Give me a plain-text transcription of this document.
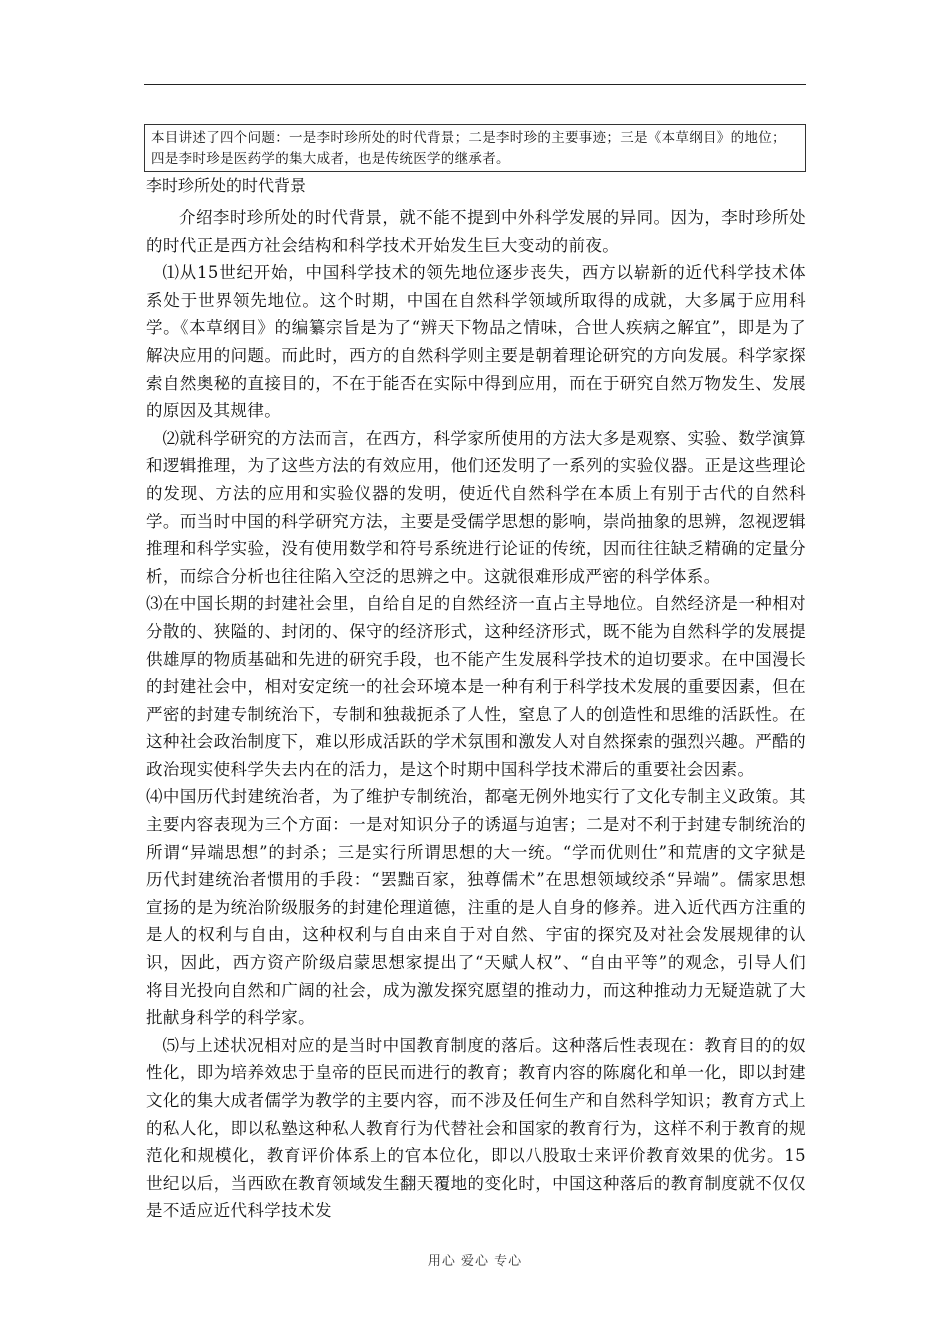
本目讲述了四个问题：一是李时珍所处的时代背景；二是李时珍的主要事迹；三是《本草纲目》的地位；四是李时珍是医药学的集大成者，也是传统医学的继承者。
李时珍所处的时代背景

介绍李时珍所处的时代背景，就不能不提到中外科学发展的异同。因为，李时珍所处的时代正是西方社会结构和科学技术开始发生巨大变动的前夜。

⑴从15世纪开始，中国科学技术的领先地位逐步丧失，西方以崭新的近代科学技术体系处于世界领先地位。这个时期，中国在自然科学领域所取得的成就，大多属于应用科学。《本草纲目》的编纂宗旨是为了“辨天下物品之情味，合世人疾病之解宜”，即是为了解决应用的问题。而此时，西方的自然科学则主要是朝着理论研究的方向发展。科学家探索自然奥秘的直接目的，不在于能否在实际中得到应用，而在于研究自然万物发生、发展的原因及其规律。

⑵就科学研究的方法而言，在西方，科学家所使用的方法大多是观察、实验、数学演算和逻辑推理，为了这些方法的有效应用，他们还发明了一系列的实验仪器。正是这些理论的发现、方法的应用和实验仪器的发明，使近代自然科学在本质上有别于古代的自然科学。而当时中国的科学研究方法，主要是受儒学思想的影响，崇尚抽象的思辨，忽视逻辑推理和科学实验，没有使用数学和符号系统进行论证的传统，因而往往缺乏精确的定量分析，而综合分析也往往陷入空泛的思辨之中。这就很难形成严密的科学体系。

⑶在中国长期的封建社会里，自给自足的自然经济一直占主导地位。自然经济是一种相对分散的、狭隘的、封闭的、保守的经济形式，这种经济形式，既不能为自然科学的发展提供雄厚的物质基础和先进的研究手段，也不能产生发展科学技术的迫切要求。在中国漫长的封建社会中，相对安定统一的社会环境本是一种有利于科学技术发展的重要因素，但在严密的封建专制统治下，专制和独裁扼杀了人性，窒息了人的创造性和思维的活跃性。在这种社会政治制度下，难以形成活跃的学术氛围和激发人对自然探索的强烈兴趣。严酷的政治现实使科学失去内在的活力，是这个时期中国科学技术滞后的重要社会因素。

⑷中国历代封建统治者，为了维护专制统治，都毫无例外地实行了文化专制主义政策。其主要内容表现为三个方面：一是对知识分子的诱逼与迫害；二是对不利于封建专制统治的所谓“异端思想”的封杀；三是实行所谓思想的大一统。“学而优则仕”和荒唐的文字狱是历代封建统治者惯用的手段：“罢黜百家，独尊儒术”在思想领域绞杀“异端”。儒家思想宣扬的是为统治阶级服务的封建伦理道德，注重的是人自身的修养。进入近代西方注重的是人的权利与自由，这种权利与自由来自于对自然、宇宙的探究及对社会发展规律的认识，因此，西方资产阶级启蒙思想家提出了“天赋人权”、“自由平等”的观念，引导人们将目光投向自然和广阔的社会，成为激发探究愿望的推动力，而这种推动力无疑造就了大批献身科学的科学家。

⑸与上述状况相对应的是当时中国教育制度的落后。这种落后性表现在：教育目的的奴性化，即为培养效忠于皇帝的臣民而进行的教育；教育内容的陈腐化和单一化，即以封建文化的集大成者儒学为教学的主要内容，而不涉及任何生产和自然科学知识；教育方式上的私人化，即以私塾这种私人教育行为代替社会和国家的教育行为，这样不利于教育的规范化和规模化，教育评价体系上的官本位化，即以八股取士来评价教育效果的优劣。15世纪以后，当西欧在教育领域发生翻天覆地的变化时，中国这种落后的教育制度就不仅仅是不适应近代科学技术发

用心 爱心 专心
